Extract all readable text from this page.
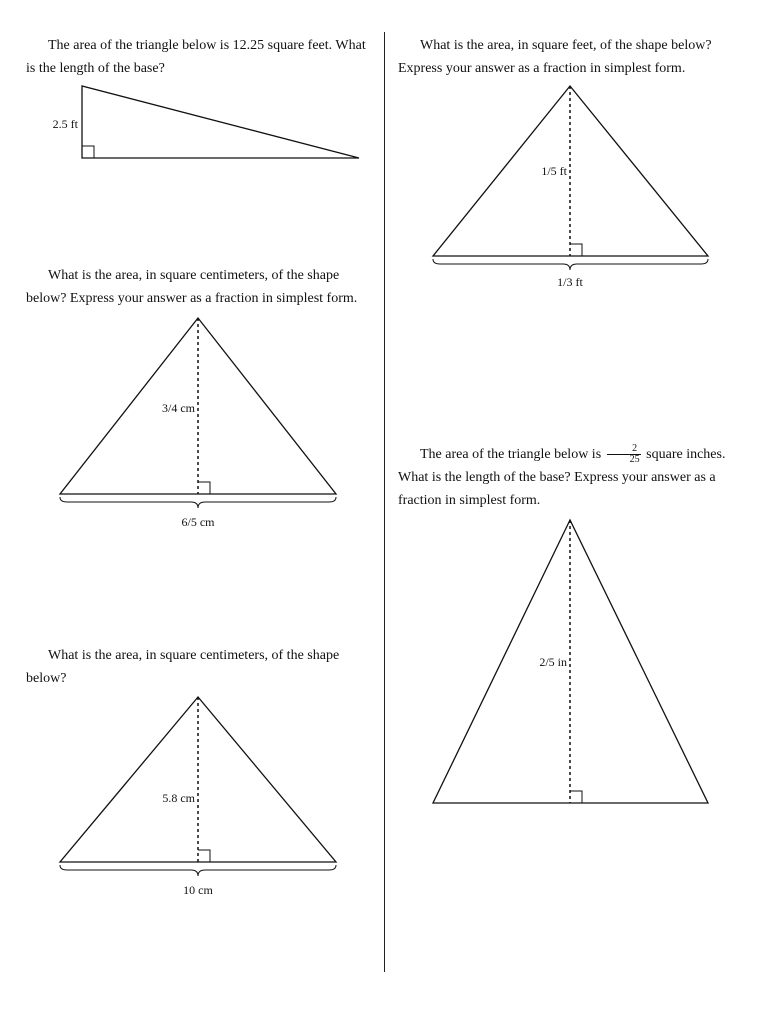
The area of the triangle below is 12.25 square feet. What is the length of the base?

What is the area, in square feet, of the shape below? Express your answer as a fraction in simplest form.

What is the area, in square centimeters, of the shape below? Express your answer as a fraction in simplest form.

The area of the triangle below is $\frac{2}{25}$ square inches. What is the length of the base? Express your answer as a fraction in simplest form.

What is the area, in square centimeters, of the shape below?

2.5 ft
1/5 ft
1/3 ft
3/4 cm
6/5 cm
2/5 in
5.8 cm
10 cm
